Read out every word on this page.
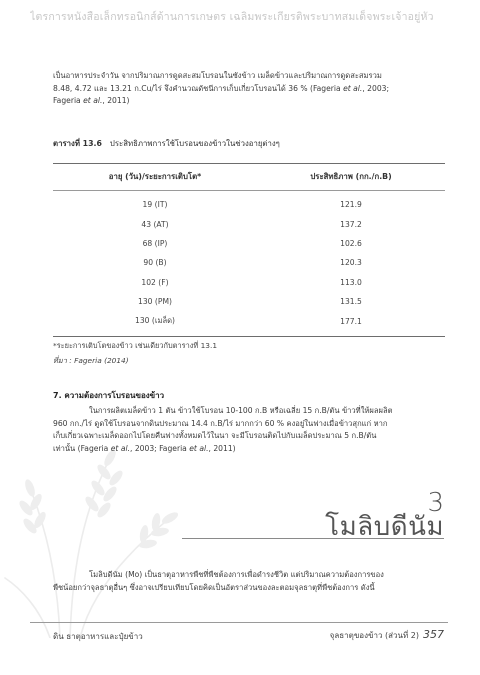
ไตรการหนังสือเล็กทรอนิกส์ด้านการเกษตร เฉลิมพระเกียรติพระบาทสมเด็จพระเจ้าอยู่หัว
เป็นอาหารประจำวัน จากปริมาณการดูดสะสมโบรอนในซังข้าว เมล็ดข้าวและปริมาณการดูดสะสมรวม
8.48, 4.72 และ 13.21 ก.Cu/ไร่ จึงคำนวณดัชนีการเก็บเกี่ยวโบรอนได้ 36 % (Fageria et al., 2003;
Fageria et al., 2011)
ตารางที่ 13.6 ประสิทธิภาพการใช้โบรอนของข้าวในช่วงอายุต่างๆ
อายุ (วัน)/ระยะการเติบโต*	ประสิทธิภาพ (กก./ก.B)
19 (IT)	121.9
43 (AT)	137.2
68 (IP)	102.6
90 (B)	120.3
102 (F)	113.0
130 (PM)	131.5
130 (เมล็ด)	177.1
*ระยะการเติบโตของข้าว เช่นเดียวกับตารางที่ 13.1
ที่มา : Fageria (2014)
7. ความต้องการโบรอนของข้าว
ในการผลิตเมล็ดข้าว 1 ตัน ข้าวใช้โบรอน 10-100 ก.B หรือเฉลี่ย 15 ก.B/ตัน ข้าวที่ให้ผลผลิต
960 กก./ไร่ ดูดใช้โบรอนจากดินประมาณ 14.4 ก.B/ไร่ มากกว่า 60 % คงอยู่ในฟางเมื่อข้าวสุกแก่ หาก
เก็บเกี่ยวเฉพาะเมล็ดออกไปโดยคืนฟางทั้งหมดไว้ในนา จะมีโบรอนติดไปกับเมล็ดประมาณ 5 ก.B/ตัน
เท่านั้น (Fageria et al., 2003; Fageria et al., 2011)
3
โมลิบดีนัม
โมลิบดีนัม (Mo) เป็นธาตุอาหารพืชที่พืชต้องการเพื่อดำรงชีวิต แต่ปริมาณความต้องการของ
พืชน้อยกว่าจุลธาตุอื่นๆ ซึ่งอาจเปรียบเทียบโดยคิดเป็นอัตราส่วนของละตอมจุลธาตุที่พืชต้องการ ดังนี้
ดิน ธาตุอาหารและปุ๋ยข้าว	จุลธาตุของข้าว (ส่วนที่ 2) 357
